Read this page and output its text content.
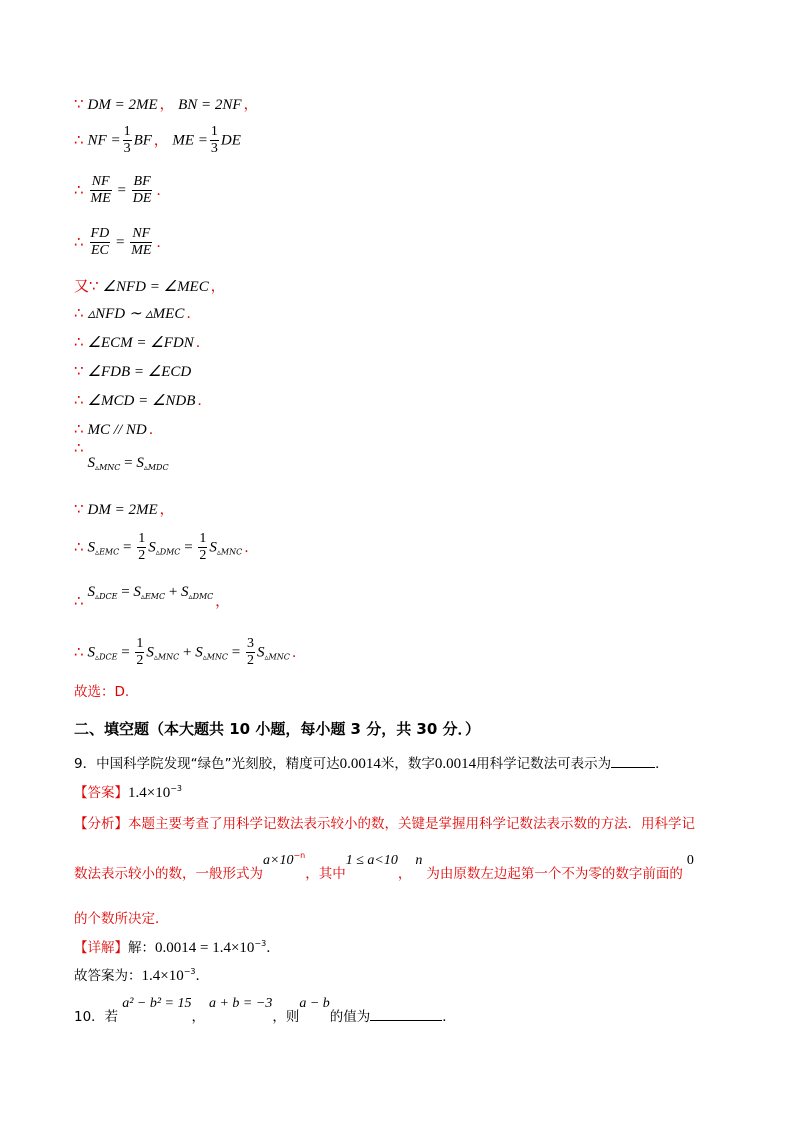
∵ DM = 2ME ， BN = 2NF ，
∴ NF = $\frac{1}{3}$ BF ， ME = $\frac{1}{3}$ DE
∴ $\frac{NF}{ME} = \frac{BF}{DE}$ .
∴ $\frac{FD}{EC} = \frac{NF}{ME}$ .
又∵ ∠NFD = ∠MEC ，
∴ ▵NFD ∼ ▵MEC .
∴ ∠ECM = ∠FDN .
∵ ∠FDB = ∠ECD
∴ ∠MCD = ∠NDB .
∴ MC // ND .
$\therefore S_{▵MNC} = S_{▵MDC}$
∵ DM = 2ME ，
∴ $S_{▵EMC} = \frac{1}{2} S_{▵DMC} = \frac{1}{2} S_{▵MNC}$ .
∴ $S_{▵DCE} = S_{▵EMC} + S_{▵DMC}$ ，
∴ $S_{▵DCE} = \frac{1}{2} S_{▵MNC} + S_{▵MNC} = \frac{3}{2} S_{▵MNC}$ .
故选：D.
二、填空题（本大题共 10 小题，每小题 3 分，共 30 分．）
9．中国科学院发现“绿色”光刻胶，精度可达0.0014米，数字0.0014用科学记数法可表示为	．
【答案】$1.4\times 10^{-3}$
【分析】本题主要考查了用科学记数法表示较小的数，关键是掌握用科学记数法表示数的方法．用科学记
数法表示较小的数，一般形式为$a\times 10^{-n}$，其中1 ≤ a<10，n为由原数左边起第一个不为零的数字前面的0
的个数所决定．
【详解】解：$0.0014 = 1.4\times 10^{-3}$．
故答案为：$1.4\times 10^{-3}$．
10．若a² − b² = 15，a + b = −3，则a − b的值为	．
